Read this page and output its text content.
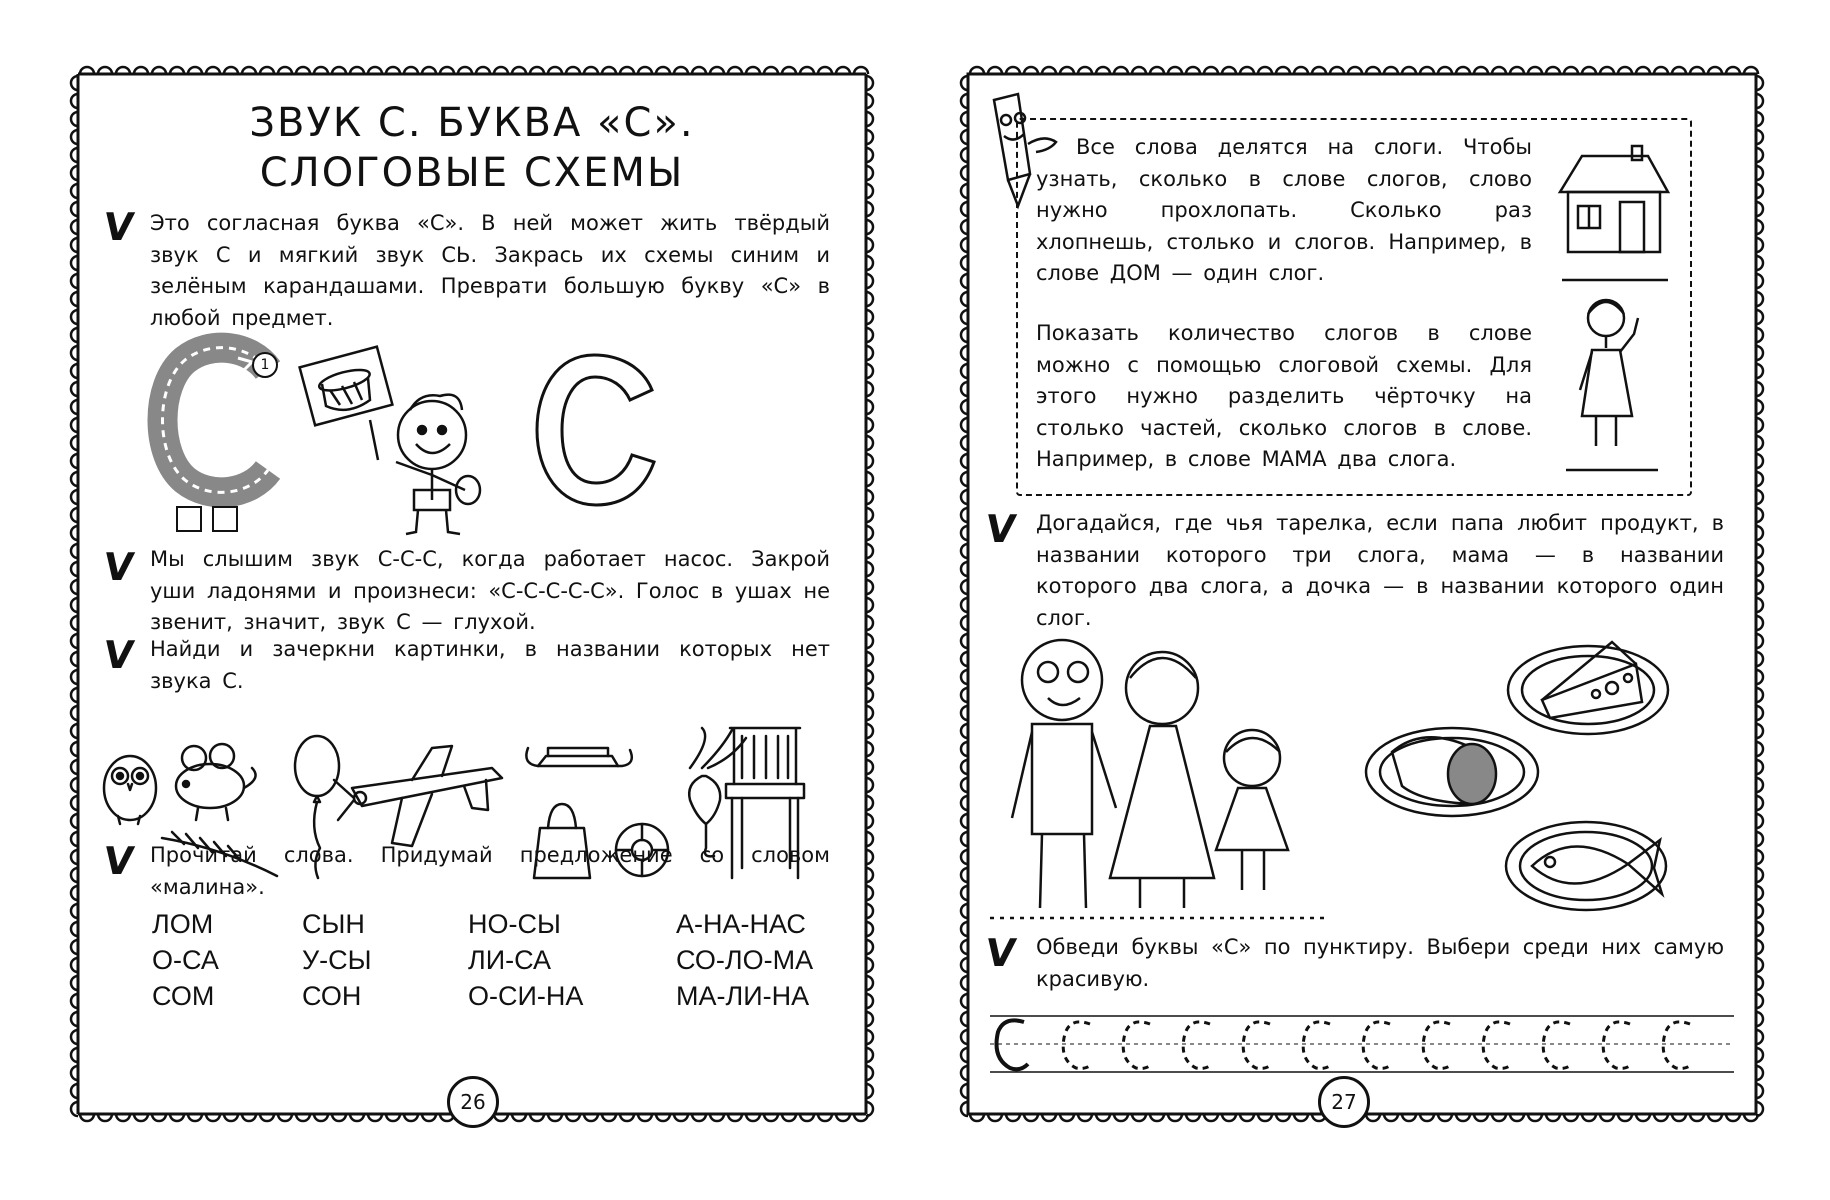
ЗВУК С. БУКВА «С».
СЛОГОВЫЕ СХЕМЫ
V Это согласная буква «С». В ней может жить твёрдый звук С и мягкий звук СЬ. Закрась их схемы синим и зелёным карандашами. Преврати большую букву «С» в любой предмет.
1
V Мы слышим звук С-С-С, когда работает насос. Закрой уши ладонями и произнеси: «С-С-С-С-С». Голос в ушах не звенит, значит, звук С — глухой.
V Найди и зачеркни картинки, в названии которых нет звука С.
V Прочитай слова. Придумай предложение со словом «малина».
ЛОМ
О-СА
СОМ
СЫН
У-СЫ
СОН
НО-СЫ
ЛИ-СА
О-СИ-НА
А-НА-НАС
СО-ЛО-МА
МА-ЛИ-НА
26
Все слова делятся на слоги. Чтобы узнать, сколько в слове слогов, слово нужно прохлопать. Сколько раз хлопнешь, столько и слогов. Например, в слове ДОМ — один слог.
Показать количество слогов в слове можно с помощью слоговой схемы. Для этого нужно разделить чёрточку на столько частей, сколько слогов в слове. Например, в слове МАМА два слога.
V Догадайся, где чья тарелка, если папа любит продукт, в названии которого три слога, мама — в названии которого два слога, а дочка — в названии которого один слог.
V Обведи буквы «С» по пунктиру. Выбери среди них самую красивую.
27
